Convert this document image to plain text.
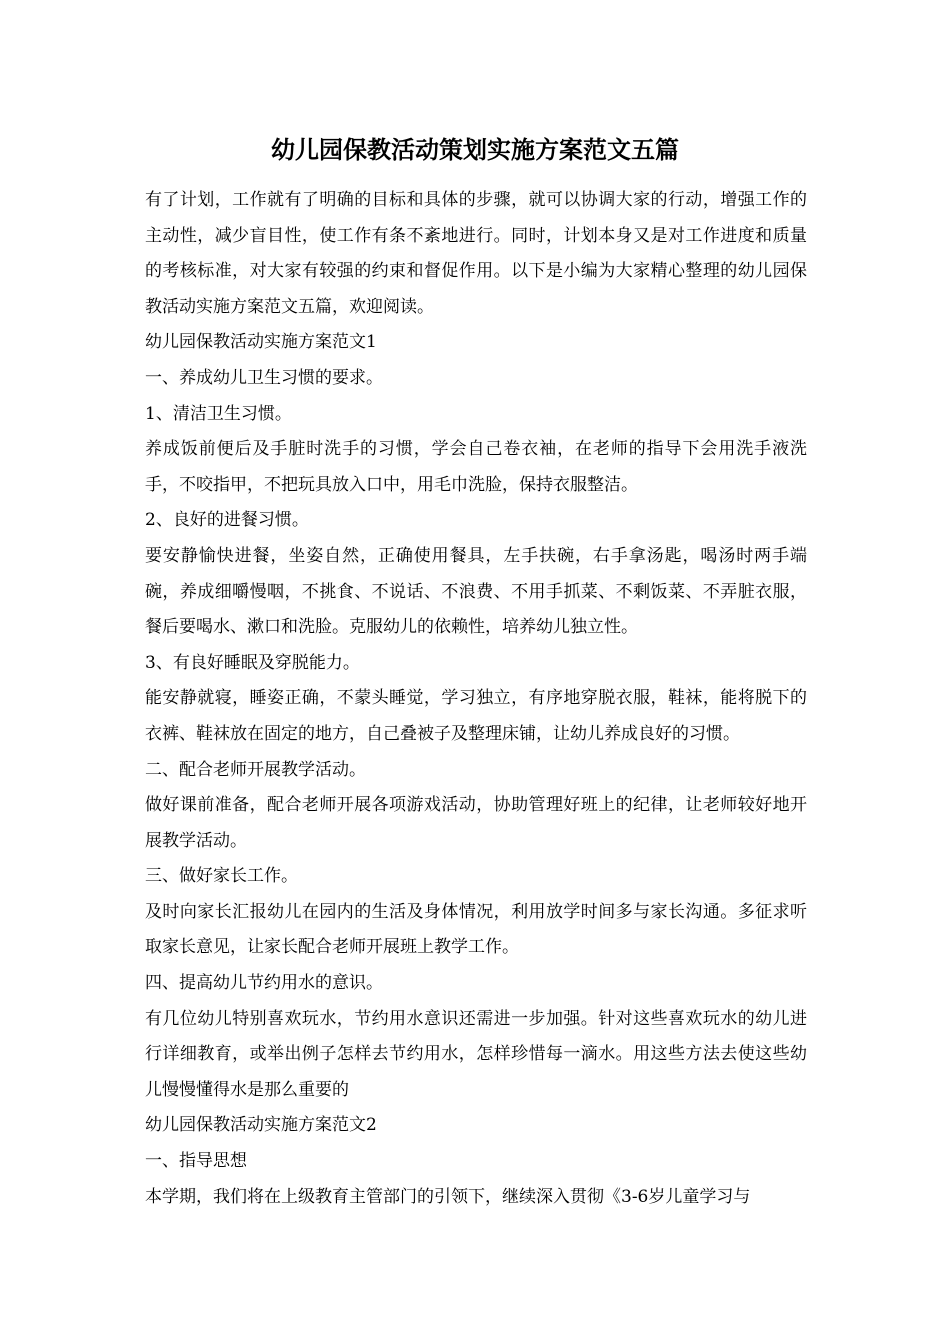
幼儿园保教活动策划实施方案范文五篇

有了计划，工作就有了明确的目标和具体的步骤，就可以协调大家的行动，增强工作的主动性，减少盲目性，使工作有条不紊地进行。同时，计划本身又是对工作进度和质量的考核标准，对大家有较强的约束和督促作用。以下是小编为大家精心整理的幼儿园保教活动实施方案范文五篇，欢迎阅读。

幼儿园保教活动实施方案范文1

一、养成幼儿卫生习惯的要求。

1、清洁卫生习惯。

养成饭前便后及手脏时洗手的习惯，学会自己卷衣袖，在老师的指导下会用洗手液洗手，不咬指甲，不把玩具放入口中，用毛巾洗脸，保持衣服整洁。

2、良好的进餐习惯。

要安静愉快进餐，坐姿自然，正确使用餐具，左手扶碗，右手拿汤匙，喝汤时两手端碗，养成细嚼慢咽，不挑食、不说话、不浪费、不用手抓菜、不剩饭菜、不弄脏衣服，餐后要喝水、漱口和洗脸。克服幼儿的依赖性，培养幼儿独立性。

3、有良好睡眠及穿脱能力。

能安静就寝，睡姿正确，不蒙头睡觉，学习独立，有序地穿脱衣服，鞋袜，能将脱下的衣裤、鞋袜放在固定的地方，自己叠被子及整理床铺，让幼儿养成良好的习惯。

二、配合老师开展教学活动。

做好课前准备，配合老师开展各项游戏活动，协助管理好班上的纪律，让老师较好地开展教学活动。

三、做好家长工作。

及时向家长汇报幼儿在园内的生活及身体情况，利用放学时间多与家长沟通。多征求听取家长意见，让家长配合老师开展班上教学工作。

四、提高幼儿节约用水的意识。

有几位幼儿特别喜欢玩水，节约用水意识还需进一步加强。针对这些喜欢玩水的幼儿进行详细教育，或举出例子怎样去节约用水，怎样珍惜每一滴水。用这些方法去使这些幼儿慢慢懂得水是那么重要的

幼儿园保教活动实施方案范文2

一、指导思想

本学期，我们将在上级教育主管部门的引领下，继续深入贯彻《3-6岁儿童学习与
